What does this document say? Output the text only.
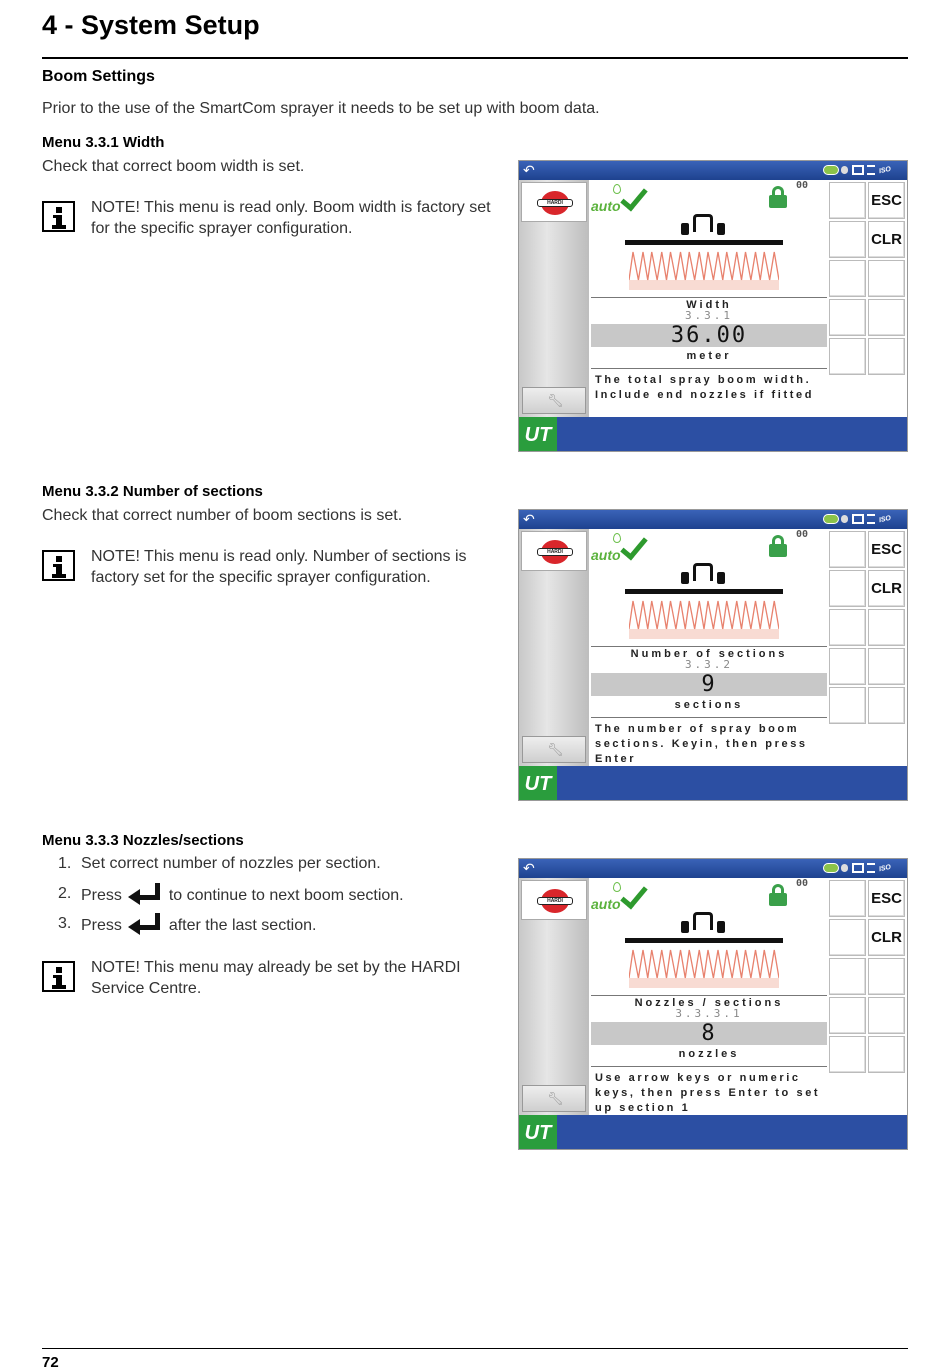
4 - System Setup
Boom Settings
Prior to the use of the SmartCom sprayer it needs to be set up with boom data.
Menu 3.3.1 Width
Check that correct boom width is set.
NOTE! This menu is read only. Boom width is factory set for the specific sprayer configuration.
Menu 3.3.2 Number of sections
Check that correct number of boom sections is set.
NOTE! This menu is read only. Number of sections is factory set for the specific sprayer configuration.
Menu 3.3.3 Nozzles/sections
1. Set correct number of nozzles per section.
2. Press	to continue to next boom section.
3. Press	after the last section.
NOTE! This menu may already be set by the HARDI Service Centre.
↶	ISO
HARDI
🔧︎
auto
00
Width
3.3.1
36.00
meter
The total spray boom width.
Include end nozzles if fitted
ESC
CLR
UT
↶	ISO
HARDI
🔧︎
auto
00
Number of sections
3.3.2
9
sections
The number of spray boom
sections. Keyin, then press
Enter
ESC
CLR
UT
↶	ISO
HARDI
🔧︎
auto
00
Nozzles / sections
3.3.3.1
8
nozzles
Use arrow keys or numeric
keys, then press Enter to set
up section 1
ESC
CLR
UT
72
